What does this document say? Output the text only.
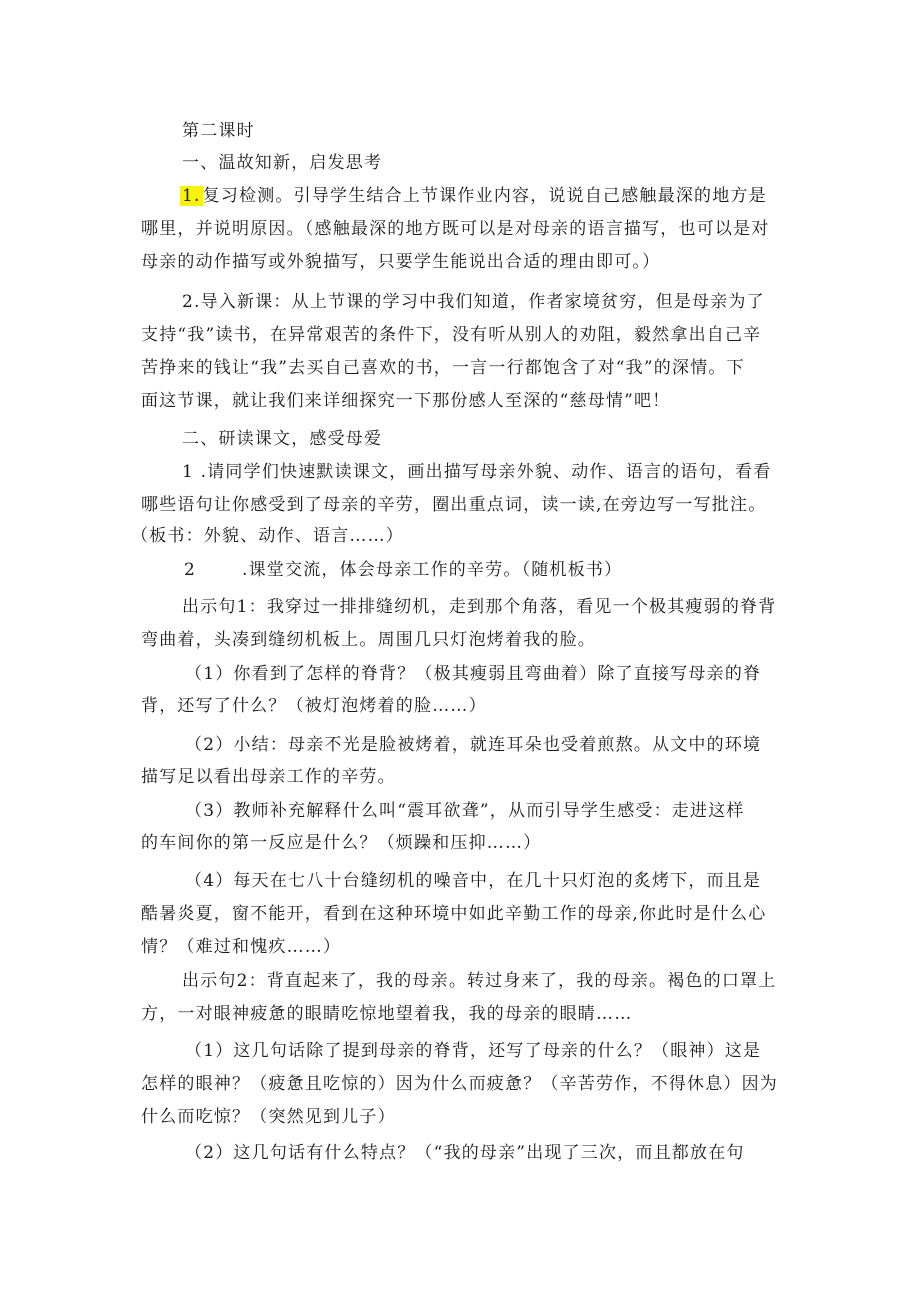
第二课时
一、温故知新，启发思考
1. 复习检测。引导学生结合上节课作业内容，说说自己感触最深的地方是
哪里，并说明原因。（感触最深的地方既可以是对母亲的语言描写，也可以是对
母亲的动作描写或外貌描写，只要学生能说出合适的理由即可。）
2.导入新课：从上节课的学习中我们知道，作者家境贫穷，但是母亲为了
支持“我”读书，在异常艰苦的条件下，没有听从别人的劝阻，毅然拿出自己辛
苦挣来的钱让“我”去买自己喜欢的书，一言一行都饱含了对“我”的深情。下
面这节课，就让我们来详细探究一下那份感人至深的“慈母情”吧！
二、研读课文，感受母爱
1 .请同学们快速默读课文，画出描写母亲外貌、动作、语言的语句，看看
哪些语句让你感受到了母亲的辛劳，圈出重点词，读一读,在旁边写一写批注。
（板书：外貌、动作、语言……）
2	.课堂交流，体会母亲工作的辛劳。（随机板书）
出示句1：我穿过一排排缝纫机，走到那个角落，看见一个极其瘦弱的脊背
弯曲着，头凑到缝纫机板上。周围几只灯泡烤着我的脸。
（1）你看到了怎样的脊背？（极其瘦弱且弯曲着）除了直接写母亲的脊
背，还写了什么？（被灯泡烤着的脸……）
（2）小结：母亲不光是脸被烤着，就连耳朵也受着煎熬。从文中的环境
描写足以看出母亲工作的辛劳。
（3）教师补充解释什么叫“震耳欲聋”，从而引导学生感受：走进这样
的车间你的第一反应是什么？（烦躁和压抑……）
（4）每天在七八十台缝纫机的噪音中，在几十只灯泡的炙烤下，而且是
酷暑炎夏，窗不能开，看到在这种环境中如此辛勤工作的母亲,你此时是什么心
情？（难过和愧疚……）
出示句2：背直起来了，我的母亲。转过身来了，我的母亲。褐色的口罩上
方，一对眼神疲惫的眼睛吃惊地望着我，我的母亲的眼睛……
（1）这几句话除了提到母亲的脊背，还写了母亲的什么？（眼神）这是
怎样的眼神？（疲惫且吃惊的）因为什么而疲惫？（辛苦劳作，不得休息）因为
什么而吃惊？（突然见到儿子）
（2）这几句话有什么特点？（“我的母亲”出现了三次，而且都放在句
